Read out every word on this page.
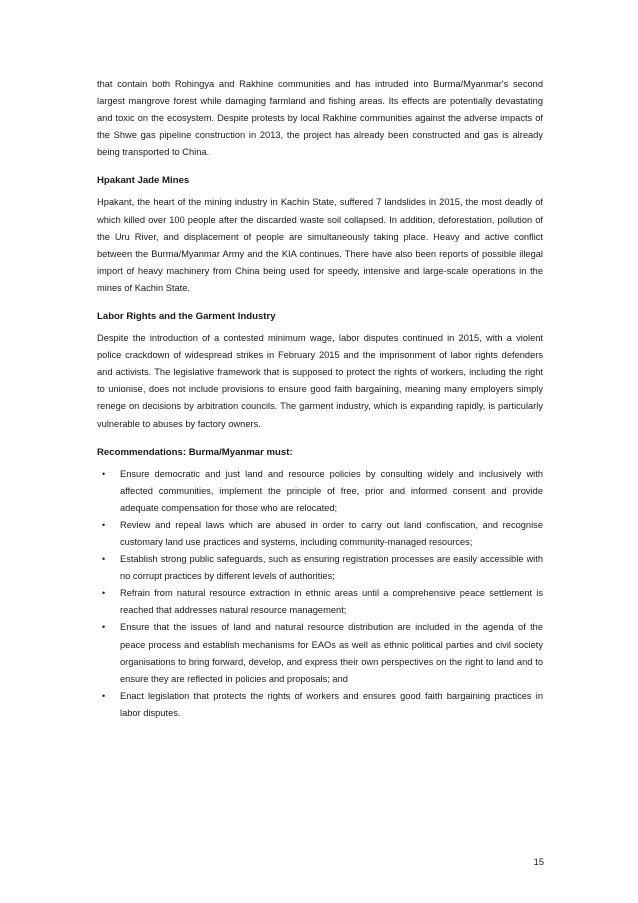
that contain both Rohingya and Rakhine communities and has intruded into Burma/Myanmar's second largest mangrove forest while damaging farmland and fishing areas. Its effects are potentially devastating and toxic on the ecosystem. Despite protests by local Rakhine communities against the adverse impacts of the Shwe gas pipeline construction in 2013, the project has already been constructed and gas is already being transported to China.

Hpakant Jade Mines

Hpakant, the heart of the mining industry in Kachin State, suffered 7 landslides in 2015, the most deadly of which killed over 100 people after the discarded waste soil collapsed. In addition, deforestation, pollution of the Uru River, and displacement of people are simultaneously taking place. Heavy and active conflict between the Burma/Myanmar Army and the KIA continues. There have also been reports of possible illegal import of heavy machinery from China being used for speedy, intensive and large-scale operations in the mines of Kachin State.

Labor Rights and the Garment Industry

Despite the introduction of a contested minimum wage, labor disputes continued in 2015, with a violent police crackdown of widespread strikes in February 2015 and the imprisonment of labor rights defenders and activists. The legislative framework that is supposed to protect the rights of workers, including the right to unionise, does not include provisions to ensure good faith bargaining, meaning many employers simply renege on decisions by arbitration councils. The garment industry, which is expanding rapidly, is particularly vulnerable to abuses by factory owners.

Recommendations: Burma/Myanmar must:
• Ensure democratic and just land and resource policies by consulting widely and inclusively with affected communities, implement the principle of free, prior and informed consent and provide adequate compensation for those who are relocated;
• Review and repeal laws which are abused in order to carry out land confiscation, and recognise customary land use practices and systems, including community-managed resources;
• Establish strong public safeguards, such as ensuring registration processes are easily accessible with no corrupt practices by different levels of authorities;
• Refrain from natural resource extraction in ethnic areas until a comprehensive peace settlement is reached that addresses natural resource management;
• Ensure that the issues of land and natural resource distribution are included in the agenda of the peace process and establish mechanisms for EAOs as well as ethnic political parties and civil society organisations to bring forward, develop, and express their own perspectives on the right to land and to ensure they are reflected in policies and proposals; and
• Enact legislation that protects the rights of workers and ensures good faith bargaining practices in labor disputes.
15
